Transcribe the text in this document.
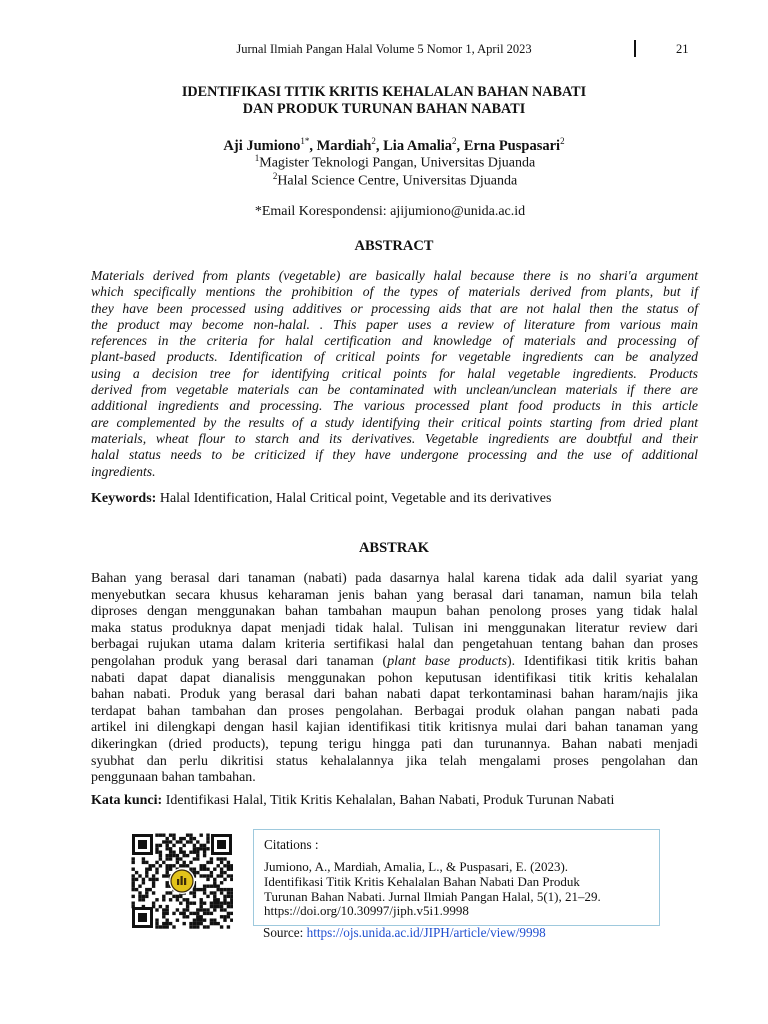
Jurnal Ilmiah Pangan Halal Volume 5 Nomor 1, April 2023	21
IDENTIFIKASI TITIK KRITIS KEHALALAN BAHAN NABATI
DAN PRODUK TURUNAN BAHAN NABATI
Aji Jumiono$^{1*}$, Mardiah$^2$, Lia Amalia$^2$, Erna Puspasari$^2$
$^1$Magister Teknologi Pangan, Universitas Djuanda
$^2$Halal Science Centre, Universitas Djuanda
*Email Korespondensi: ajijumiono@unida.ac.id
ABSTRACT
Materials derived from plants (vegetable) are basically halal because there is no shari'a argument
which specifically mentions the prohibition of the types of materials derived from plants, but if
they have been processed using additives or processing aids that are not halal then the status of
the product may become non-halal. . This paper uses a review of literature from various main
references in the criteria for halal certification and knowledge of materials and processing of
plant-based products. Identification of critical points for vegetable ingredients can be analyzed
using a decision tree for identifying critical points for halal vegetable ingredients. Products
derived from vegetable materials can be contaminated with unclean/unclean materials if there are
additional ingredients and processing. The various processed plant food products in this article
are complemented by the results of a study identifying their critical points starting from dried plant
materials, wheat flour to starch and its derivatives. Vegetable ingredients are doubtful and their
halal status needs to be criticized if they have undergone processing and the use of additional
ingredients.
Keywords: Halal Identification, Halal Critical point, Vegetable and its derivatives
ABSTRAK
Bahan yang berasal dari tanaman (nabati) pada dasarnya halal karena tidak ada dalil syariat yang
menyebutkan secara khusus keharaman jenis bahan yang berasal dari tanaman, namun bila telah
diproses dengan menggunakan bahan tambahan maupun bahan penolong proses yang tidak halal
maka status produknya dapat menjadi tidak halal. Tulisan ini menggunakan literatur review dari
berbagai rujukan utama dalam kriteria sertifikasi halal dan pengetahuan tentang bahan dan proses
pengolahan produk yang berasal dari tanaman (plant base products). Identifikasi titik kritis bahan
nabati dapat dapat dianalisis menggunakan pohon keputusan identifikasi titik kritis kehalalan
bahan nabati. Produk yang berasal dari bahan nabati dapat terkontaminasi bahan haram/najis jika
terdapat bahan tambahan dan proses pengolahan. Berbagai produk olahan pangan nabati pada
artikel ini dilengkapi dengan hasil kajian identifikasi titik kritisnya mulai dari bahan tanaman yang
dikeringkan (dried products), tepung terigu hingga pati dan turunannya. Bahan nabati menjadi
syubhat dan perlu dikritisi status kehalalannya jika telah mengalami proses pengolahan dan
penggunaan bahan tambahan.
Kata kunci: Identifikasi Halal, Titik Kritis Kehalalan, Bahan Nabati, Produk Turunan Nabati
Citations :
Jumiono, A., Mardiah, Amalia, L., & Puspasari, E. (2023).
Identifikasi Titik Kritis Kehalalan Bahan Nabati Dan Produk
Turunan Bahan Nabati. Jurnal Ilmiah Pangan Halal, 5(1), 21–29.
https://doi.org/10.30997/jiph.v5i1.9998
Source: https://ojs.unida.ac.id/JIPH/article/view/9998
